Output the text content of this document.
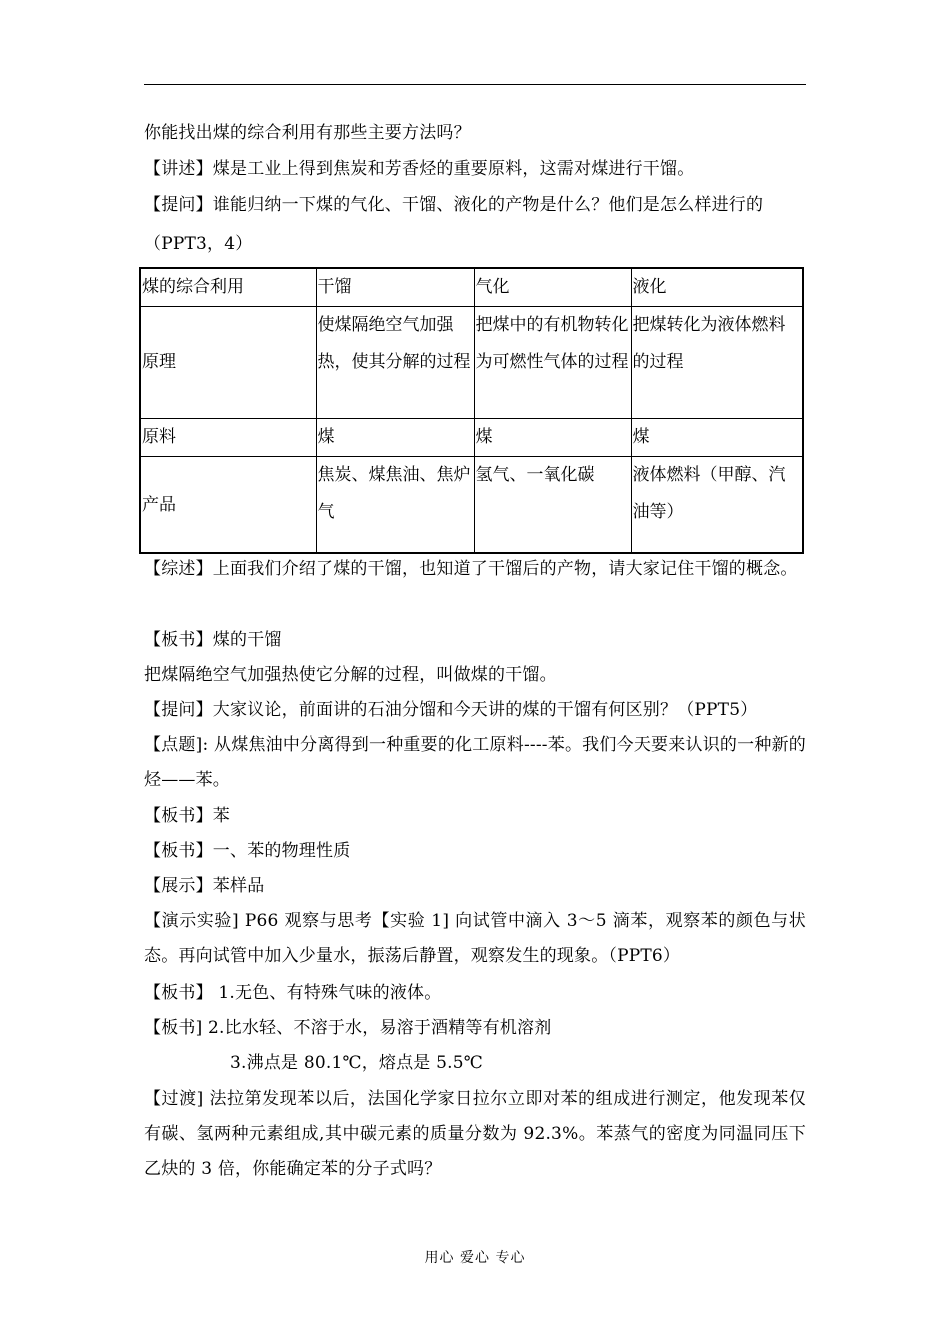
你能找出煤的综合利用有那些主要方法吗？
【讲述】煤是工业上得到焦炭和芳香烃的重要原料，这需对煤进行干馏。
【提问】谁能归纳一下煤的气化、干馏、液化的产物是什么？他们是怎么样进行的
（PPT3，4）
煤的综合利用	干馏	气化	液化
原理	使煤隔绝空气加强热，使其分解的过程	把煤中的有机物转化为可燃性气体的过程	把煤转化为液体燃料的过程
原料	煤	煤	煤
产品	焦炭、煤焦油、焦炉气	氢气、一氧化碳	液体燃料（甲醇、汽油等）
【综述】上面我们介绍了煤的干馏，也知道了干馏后的产物，请大家记住干馏的概念。
【板书】煤的干馏
把煤隔绝空气加强热使它分解的过程，叫做煤的干馏。
【提问】大家议论，前面讲的石油分馏和今天讲的煤的干馏有何区别？（PPT5）
【点题]: 从煤焦油中分离得到一种重要的化工原料----苯。我们今天要来认识的一种新的烃——苯。
【板书】苯
【板书】一、苯的物理性质
【展示】苯样品
【演示实验] P66 观察与思考【实验 1] 向试管中滴入 3～5 滴苯，观察苯的颜色与状态。再向试管中加入少量水，振荡后静置，观察发生的现象。（PPT6）
【板书】 1.无色、有特殊气味的液体。
【板书] 2.比水轻、不溶于水，易溶于酒精等有机溶剂
3.沸点是 80.1℃，熔点是 5.5℃
【过渡] 法拉第发现苯以后，法国化学家日拉尔立即对苯的组成进行测定，他发现苯仅有碳、氢两种元素组成,其中碳元素的质量分数为 92.3%。苯蒸气的密度为同温同压下乙炔的 3 倍，你能确定苯的分子式吗？
用心 爱心 专心
